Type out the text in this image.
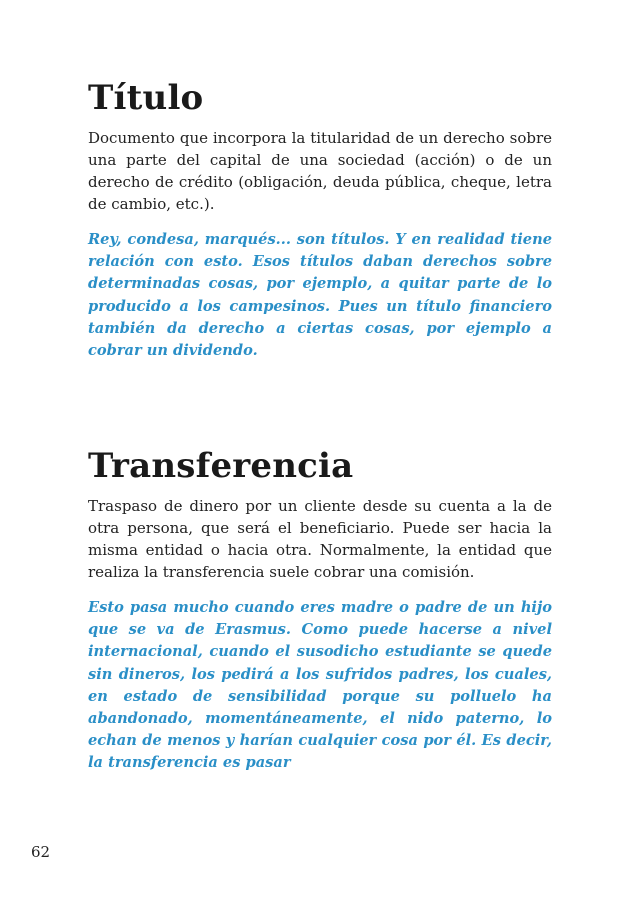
Título

Documento que incorpora la titularidad de un derecho sobre una parte del capital de una sociedad (acción) o de un derecho de crédito (obligación, deuda pública, cheque, letra de cambio, etc.).

Rey, condesa, marqués... son títulos. Y en realidad tiene relación con esto. Esos títulos daban derechos sobre determinadas cosas, por ejemplo, a quitar parte de lo producido a los campesinos. Pues un título financiero también da derecho a ciertas cosas, por ejemplo a cobrar un dividendo.

Transferencia

Traspaso de dinero por un cliente desde su cuenta a la de otra persona, que será el beneficiario. Puede ser hacia la misma entidad o hacia otra. Normalmente, la entidad que realiza la transferencia suele cobrar una comisión.

Esto pasa mucho cuando eres madre o padre de un hijo que se va de Erasmus. Como puede hacerse a nivel internacional, cuando el susodicho estudiante se quede sin dineros, los pedirá a los sufridos padres, los cuales, en estado de sensibilidad porque su polluelo ha abandonado, momentáneamente, el nido paterno, lo echan de menos y harían cualquier cosa por él. Es decir, la transferencia es pasar

62
